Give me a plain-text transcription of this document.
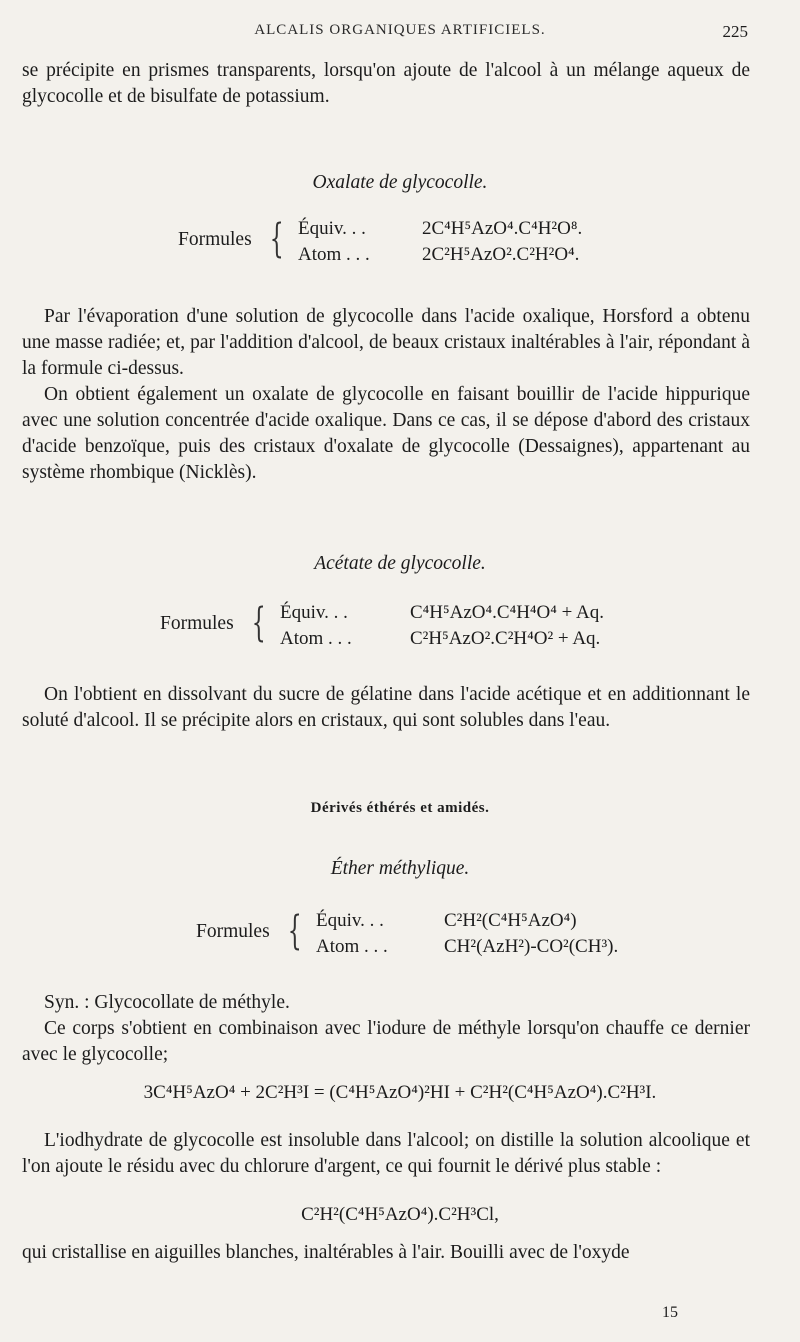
ALCALIS ORGANIQUES ARTIFICIELS.	225

se précipite en prismes transparents, lorsqu'on ajoute de l'alcool à un mélange aqueux de glycocolle et de bisulfate de potassium.

Oxalate de glycocolle.
Formules { Équiv. . .	2C⁴H⁵AzO⁴.C⁴H²O⁸.
Atom . . .	2C²H⁵AzO².C²H²O⁴.

Par l'évaporation d'une solution de glycocolle dans l'acide oxalique, Horsford a obtenu une masse radiée; et, par l'addition d'alcool, de beaux cristaux inaltérables à l'air, répondant à la formule ci-dessus.

On obtient également un oxalate de glycocolle en faisant bouillir de l'acide hippurique avec une solution concentrée d'acide oxalique. Dans ce cas, il se dépose d'abord des cristaux d'acide benzoïque, puis des cristaux d'oxalate de glycocolle (Dessaignes), appartenant au système rhombique (Nicklès).

Acétate de glycocolle.
Formules { Équiv. . .	C⁴H⁵AzO⁴.C⁴H⁴O⁴ + Aq.
Atom . . .	C²H⁵AzO².C²H⁴O² + Aq.

On l'obtient en dissolvant du sucre de gélatine dans l'acide acétique et en additionnant le soluté d'alcool. Il se précipite alors en cristaux, qui sont solubles dans l'eau.

Dérivés éthérés et amidés.
Éther méthylique.
Formules { Équiv. . .	C²H²(C⁴H⁵AzO⁴)
Atom . . .	CH²(AzH²)-CO²(CH³).

Syn. : Glycocollate de méthyle.

Ce corps s'obtient en combinaison avec l'iodure de méthyle lorsqu'on chauffe ce dernier avec le glycocolle;

3C⁴H⁵AzO⁴ + 2C²H³I = (C⁴H⁵AzO⁴)²HI + C²H²(C⁴H⁵AzO⁴).C²H³I.

L'iodhydrate de glycocolle est insoluble dans l'alcool; on distille la solution alcoolique et l'on ajoute le résidu avec du chlorure d'argent, ce qui fournit le dérivé plus stable :

C²H²(C⁴H⁵AzO⁴).C²H³Cl,

qui cristallise en aiguilles blanches, inaltérables à l'air. Bouilli avec de l'oxyde

15
